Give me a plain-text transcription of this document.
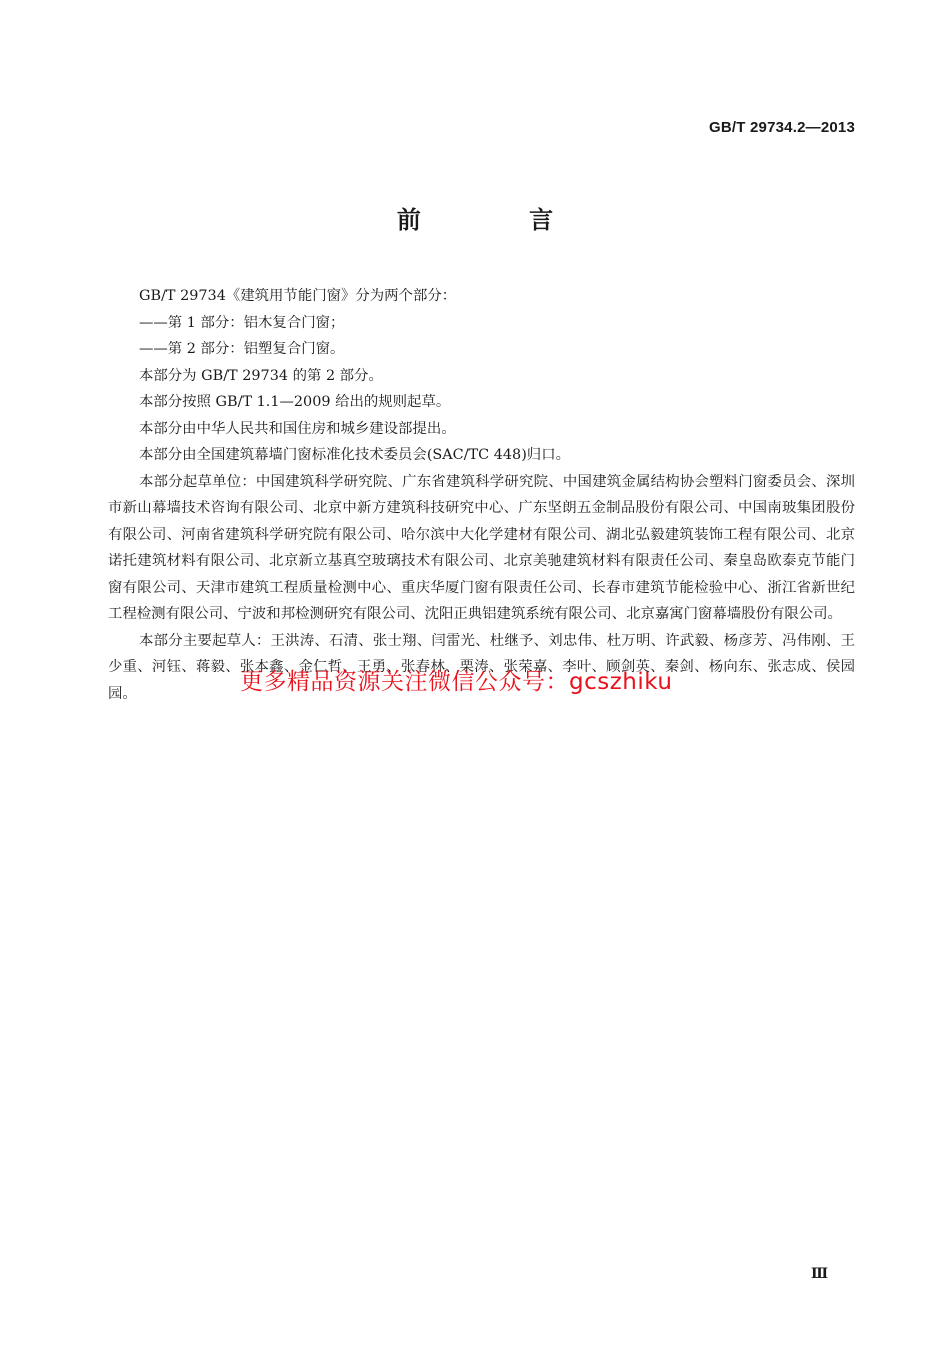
GB/T 29734.2—2013
前 言

GB/T 29734《建筑用节能门窗》分为两个部分：

——第 1 部分：铝木复合门窗；

——第 2 部分：铝塑复合门窗。

本部分为 GB/T 29734 的第 2 部分。

本部分按照 GB/T 1.1—2009 给出的规则起草。

本部分由中华人民共和国住房和城乡建设部提出。

本部分由全国建筑幕墙门窗标准化技术委员会(SAC/TC 448)归口。

本部分起草单位：中国建筑科学研究院、广东省建筑科学研究院、中国建筑金属结构协会塑料门窗委员会、深圳市新山幕墙技术咨询有限公司、北京中新方建筑科技研究中心、广东坚朗五金制品股份有限公司、中国南玻集团股份有限公司、河南省建筑科学研究院有限公司、哈尔滨中大化学建材有限公司、湖北弘毅建筑装饰工程有限公司、北京诺托建筑材料有限公司、北京新立基真空玻璃技术有限公司、北京美驰建筑材料有限责任公司、秦皇岛欧泰克节能门窗有限公司、天津市建筑工程质量检测中心、重庆华厦门窗有限责任公司、长春市建筑节能检验中心、浙江省新世纪工程检测有限公司、宁波和邦检测研究有限公司、沈阳正典铝建筑系统有限公司、北京嘉寓门窗幕墙股份有限公司。

本部分主要起草人：王洪涛、石清、张士翔、闫雷光、杜继予、刘忠伟、杜万明、许武毅、杨彦芳、冯伟刚、王少重、河钰、蒋毅、张本鑫、金仁哲、王勇、张春林、栗涛、张荣嘉、李叶、顾剑英、秦剑、杨向东、张志成、侯园园。	更多精品资源关注微信公众号：gcszhiku
Ⅲ
